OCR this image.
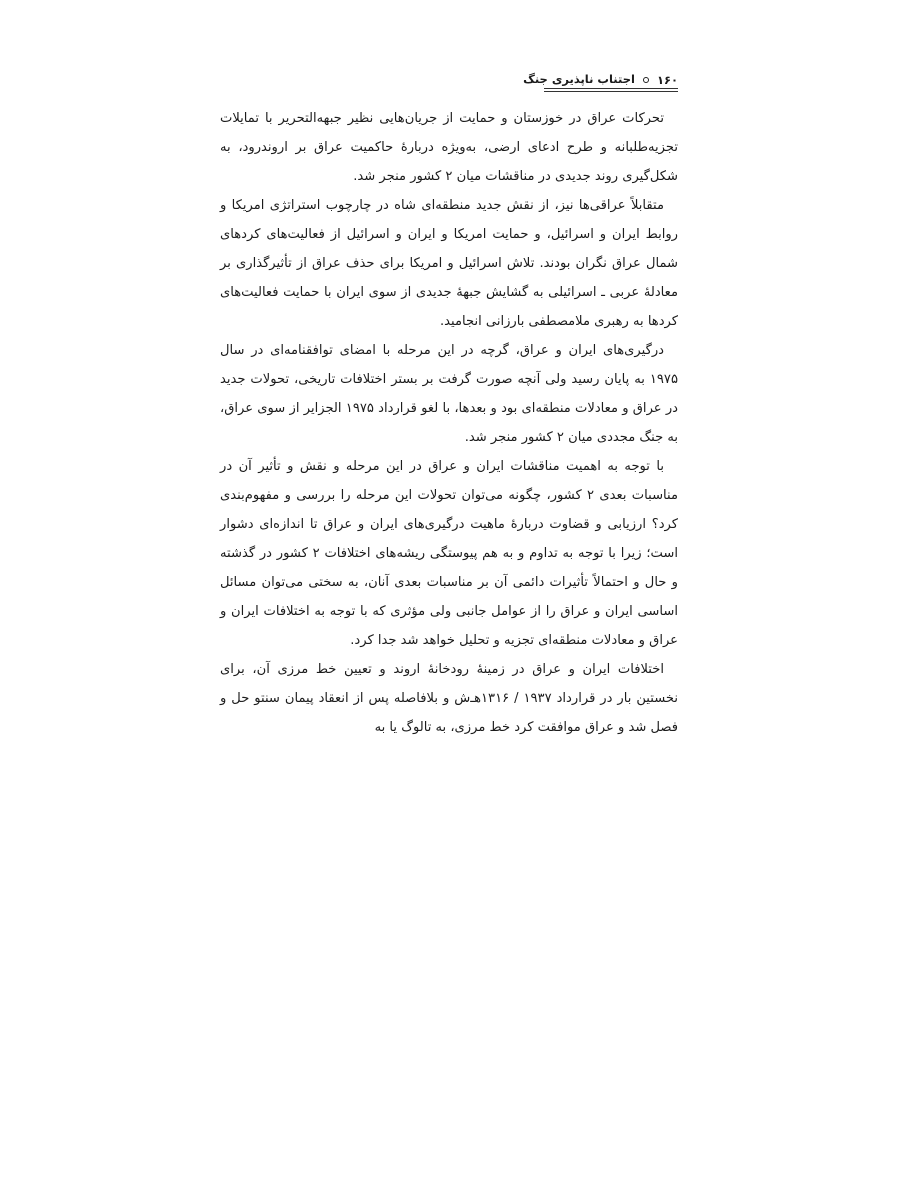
۱۶۰
اجتناب ناپذیری جنگ

تحرکات عراق در خوزستان و حمایت از جریان‌هایی نظیر جبهه‌التحریر با تمایلات تجزیه‌طلبانه و طرح ادعای ارضی، به‌ویژه دربارهٔ حاکمیت عراق بر اروندرود، به شکل‌گیری روند جدیدی در مناقشات میان ۲ کشور منجر شد.

متقابلاً عراقی‌ها نیز، از نقش جدید منطقه‌ای شاه در چارچوب استراتژی امریکا و روابط ایران و اسرائیل، و حمایت امریکا و ایران و اسرائیل از فعالیت‌های کردهای شمال عراق نگران بودند. تلاش اسرائیل و امریکا برای حذف عراق از تأثیرگذاری بر معادلهٔ عربی ـ اسرائیلی به گشایش جبههٔ جدیدی از سوی ایران با حمایت فعالیت‌های کردها به رهبری ملامصطفی بارزانی انجامید.

درگیری‌های ایران و عراق، گرچه در این مرحله با امضای توافقنامه‌ای در سال ۱۹۷۵ به پایان رسید ولی آنچه صورت گرفت بر بستر اختلافات تاریخی، تحولات جدید در عراق و معادلات منطقه‌ای بود و بعدها، با لغو قرارداد ۱۹۷۵ الجزایر از سوی عراق، به جنگ مجددی میان ۲ کشور منجر شد.

با توجه به اهمیت مناقشات ایران و عراق در این مرحله و نقش و تأثیر آن در مناسبات بعدی ۲ کشور، چگونه می‌توان تحولات این مرحله را بررسی و مفهوم‌بندی کرد؟ ارزیابی و قضاوت دربارهٔ ماهیت درگیری‌های ایران و عراق تا اندازه‌ای دشوار است؛ زیرا با توجه به تداوم و به هم پیوستگی ریشه‌های اختلافات ۲ کشور در گذشته و حال و احتمالاً تأثیرات دائمی آن بر مناسبات بعدی آنان، به سختی می‌توان مسائل اساسی ایران و عراق را از عوامل جانبی ولی مؤثری که با توجه به اختلافات ایران و عراق و معادلات منطقه‌ای تجزیه و تحلیل خواهد شد جدا کرد.

اختلافات ایران و عراق در زمینهٔ رودخانهٔ اروند و تعیین خط مرزی آن، برای نخستین بار در قرارداد ۱۹۳۷ / ۱۳۱۶هـ‌ش و بلافاصله پس از انعقاد پیمان سنتو حل و فصل شد و عراق موافقت کرد خط مرزی، به تالوگ یا به
